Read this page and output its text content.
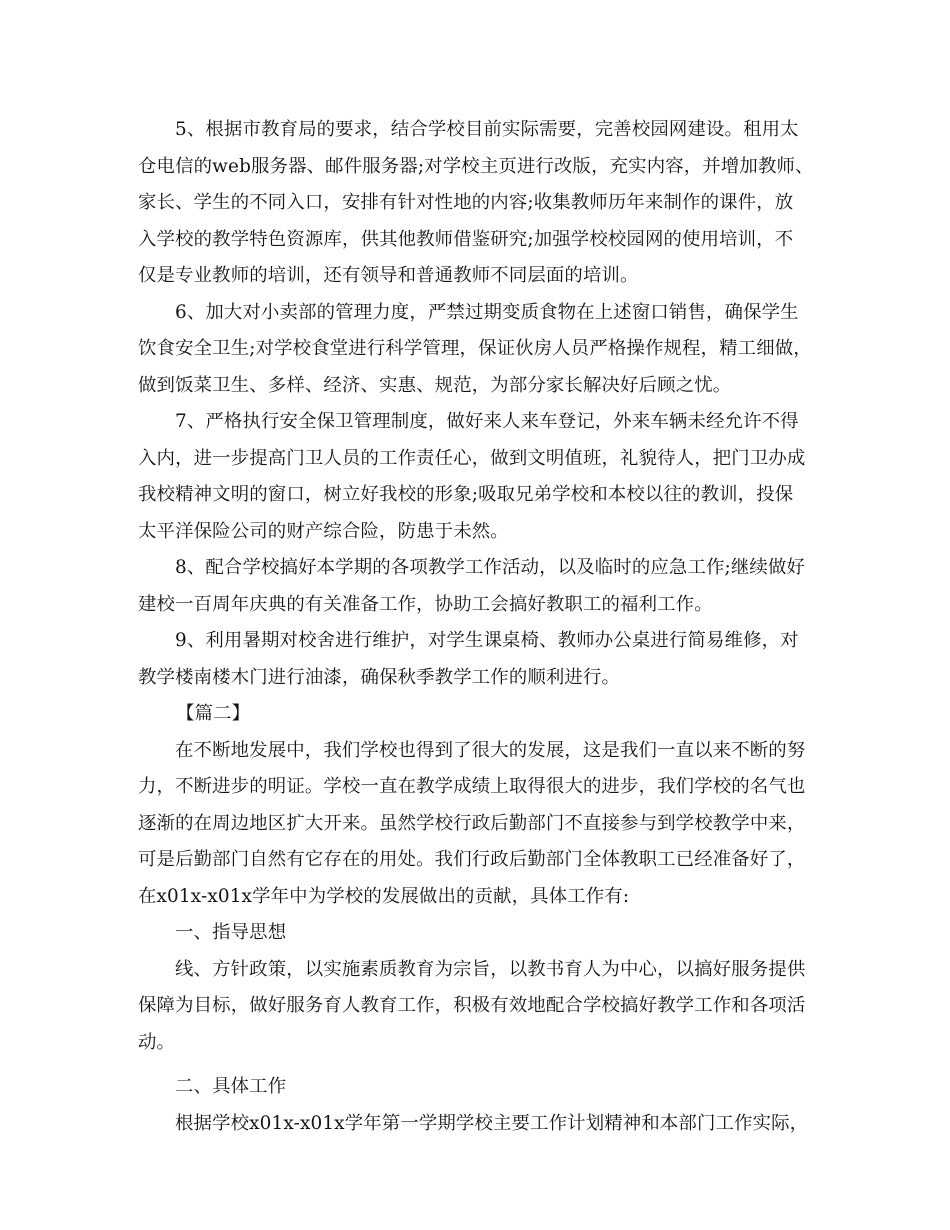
5、根据市教育局的要求，结合学校目前实际需要，完善校园网建设。租用太
仓电信的web服务器、邮件服务器;对学校主页进行改版，充实内容，并增加教师、
家长、学生的不同入口，安排有针对性地的内容;收集教师历年来制作的课件，放
入学校的教学特色资源库，供其他教师借鉴研究;加强学校校园网的使用培训，不
仅是专业教师的培训，还有领导和普通教师不同层面的培训。
6、加大对小卖部的管理力度，严禁过期变质食物在上述窗口销售，确保学生
饮食安全卫生;对学校食堂进行科学管理，保证伙房人员严格操作规程，精工细做，
做到饭菜卫生、多样、经济、实惠、规范，为部分家长解决好后顾之忧。
7、严格执行安全保卫管理制度，做好来人来车登记，外来车辆未经允许不得
入内，进一步提高门卫人员的工作责任心，做到文明值班，礼貌待人，把门卫办成
我校精神文明的窗口，树立好我校的形象;吸取兄弟学校和本校以往的教训，投保
太平洋保险公司的财产综合险，防患于未然。
8、配合学校搞好本学期的各项教学工作活动，以及临时的应急工作;继续做好
建校一百周年庆典的有关准备工作，协助工会搞好教职工的福利工作。
9、利用暑期对校舍进行维护，对学生课桌椅、教师办公桌进行简易维修，对
教学楼南楼木门进行油漆，确保秋季教学工作的顺利进行。
【篇二】
在不断地发展中，我们学校也得到了很大的发展，这是我们一直以来不断的努
力，不断进步的明证。学校一直在教学成绩上取得很大的进步，我们学校的名气也
逐渐的在周边地区扩大开来。虽然学校行政后勤部门不直接参与到学校教学中来，
可是后勤部门自然有它存在的用处。我们行政后勤部门全体教职工已经准备好了，
在x01x-x01x学年中为学校的发展做出的贡献，具体工作有:
一、指导思想
线、方针政策，以实施素质教育为宗旨，以教书育人为中心，以搞好服务提供
保障为目标，做好服务育人教育工作，积极有效地配合学校搞好教学工作和各项活
动。
二、具体工作
根据学校x01x-x01x学年第一学期学校主要工作计划精神和本部门工作实际，
